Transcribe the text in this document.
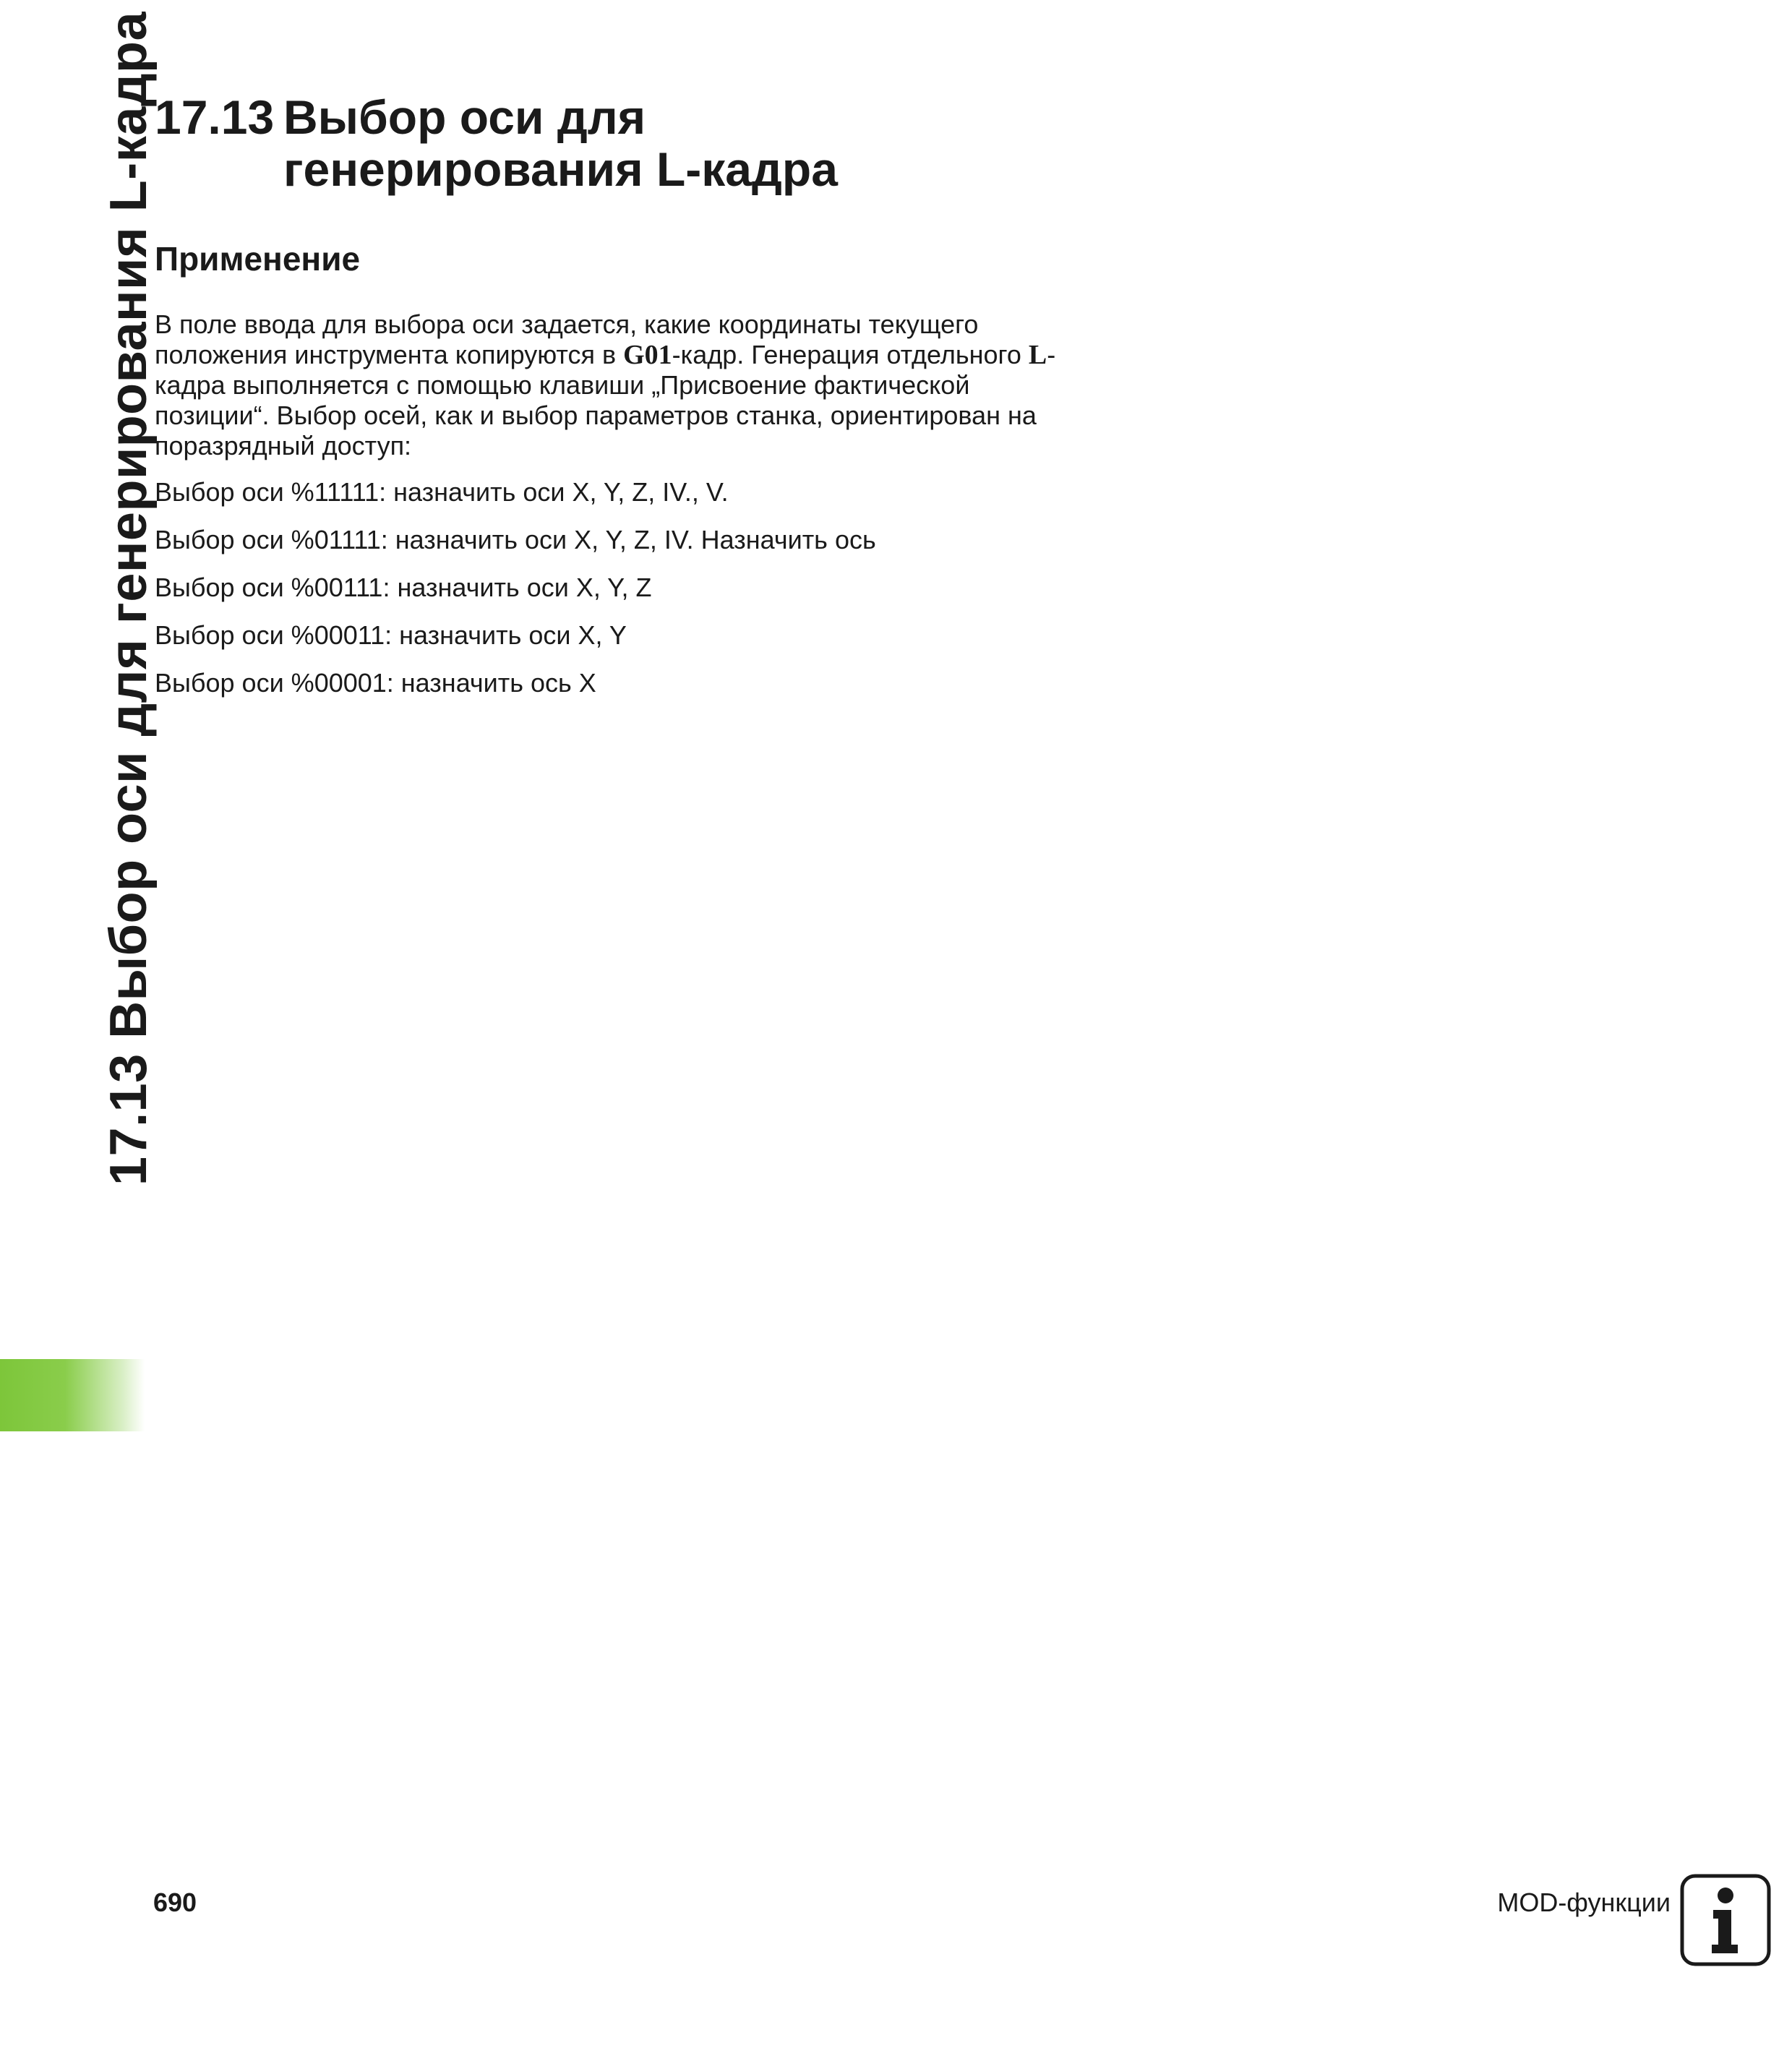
17.13 Выбор оси для генерирования L-кадра
17.13 Выбор оси для
генерирования L-кадра
Применение

В поле ввода для выбора оси задается, какие координаты текущего положения инструмента копируются в G01-кадр. Генерация отдельного L-кадра выполняется с помощью клавиши „Присвоение фактической позиции“. Выбор осей, как и выбор параметров станка, ориентирован на поразрядный доступ:

Выбор оси %11111: назначить оси X, Y, Z, IV., V.

Выбор оси %01111: назначить оси X, Y, Z, IV. Назначить ось

Выбор оси %00111: назначить оси X, Y, Z

Выбор оси %00011: назначить оси X, Y

Выбор оси %00001: назначить ось X

690	MOD-функции
